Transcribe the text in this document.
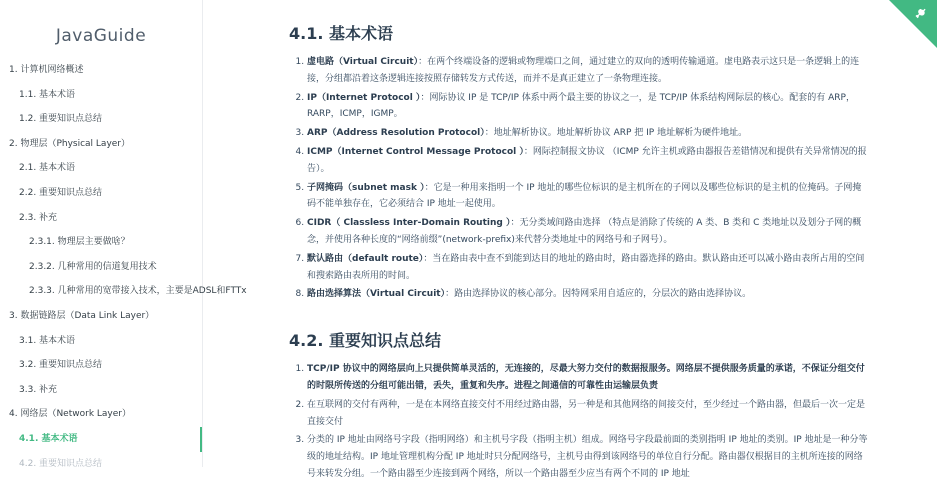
JavaGuide
1. 计算机网络概述
1.1. 基本术语
1.2. 重要知识点总结
2. 物理层（Physical Layer）
2.1. 基本术语
2.2. 重要知识点总结
2.3. 补充
2.3.1. 物理层主要做啥？
2.3.2. 几种常用的信道复用技术
2.3.3. 几种常用的宽带接入技术，主要是ADSL和FTTx
3. 数据链路层（Data Link Layer）
3.1. 基本术语
3.2. 重要知识点总结
3.3. 补充
4. 网络层（Network Layer）
4.1. 基本术语
4.2. 重要知识点总结
4.1. 基本术语
1. 虚电路（Virtual Circuit）：在两个终端设备的逻辑或物理端口之间，通过建立的双向的透明传输通道。虚电路表示这只是一条逻辑上的连接，分组都沿着这条逻辑连接按照存储转发方式传送，而并不是真正建立了一条物理连接。
2. IP（Internet Protocol ）：网际协议 IP 是 TCP/IP 体系中两个最主要的协议之一，是 TCP/IP 体系结构网际层的核心。配套的有 ARP，RARP，ICMP，IGMP。
3. ARP（Address Resolution Protocol）：地址解析协议。地址解析协议 ARP 把 IP 地址解析为硬件地址。
4. ICMP（Internet Control Message Protocol ）：网际控制报文协议 （ICMP 允许主机或路由器报告差错情况和提供有关异常情况的报告）。
5. 子网掩码（subnet mask ）：它是一种用来指明一个 IP 地址的哪些位标识的是主机所在的子网以及哪些位标识的是主机的位掩码。子网掩码不能单独存在，它必须结合 IP 地址一起使用。
6. CIDR（ Classless Inter-Domain Routing ）：无分类域间路由选择 （特点是消除了传统的 A 类、B 类和 C 类地址以及划分子网的概念，并使用各种长度的“网络前缀”(network-prefix)来代替分类地址中的网络号和子网号）。
7. 默认路由（default route）：当在路由表中查不到能到达目的地址的路由时，路由器选择的路由。默认路由还可以减小路由表所占用的空间和搜索路由表所用的时间。
8. 路由选择算法（Virtual Circuit）：路由选择协议的核心部分。因特网采用自适应的，分层次的路由选择协议。
4.2. 重要知识点总结
1. TCP/IP 协议中的网络层向上只提供简单灵活的，无连接的，尽最大努力交付的数据报服务。网络层不提供服务质量的承诺，不保证分组交付的时限所传送的分组可能出错，丢失，重复和失序。进程之间通信的可靠性由运输层负责
2. 在互联网的交付有两种，一是在本网络直接交付不用经过路由器，另一种是和其他网络的间接交付，至少经过一个路由器，但最后一次一定是直接交付
3. 分类的 IP 地址由网络号字段（指明网络）和主机号字段（指明主机）组成。网络号字段最前面的类别指明 IP 地址的类别。IP 地址是一种分等级的地址结构。IP 地址管理机构分配 IP 地址时只分配网络号，主机号由得到该网络号的单位自行分配。路由器仅根据目的主机所连接的网络号来转发分组。一个路由器至少连接到两个网络，所以一个路由器至少应当有两个不同的 IP 地址
